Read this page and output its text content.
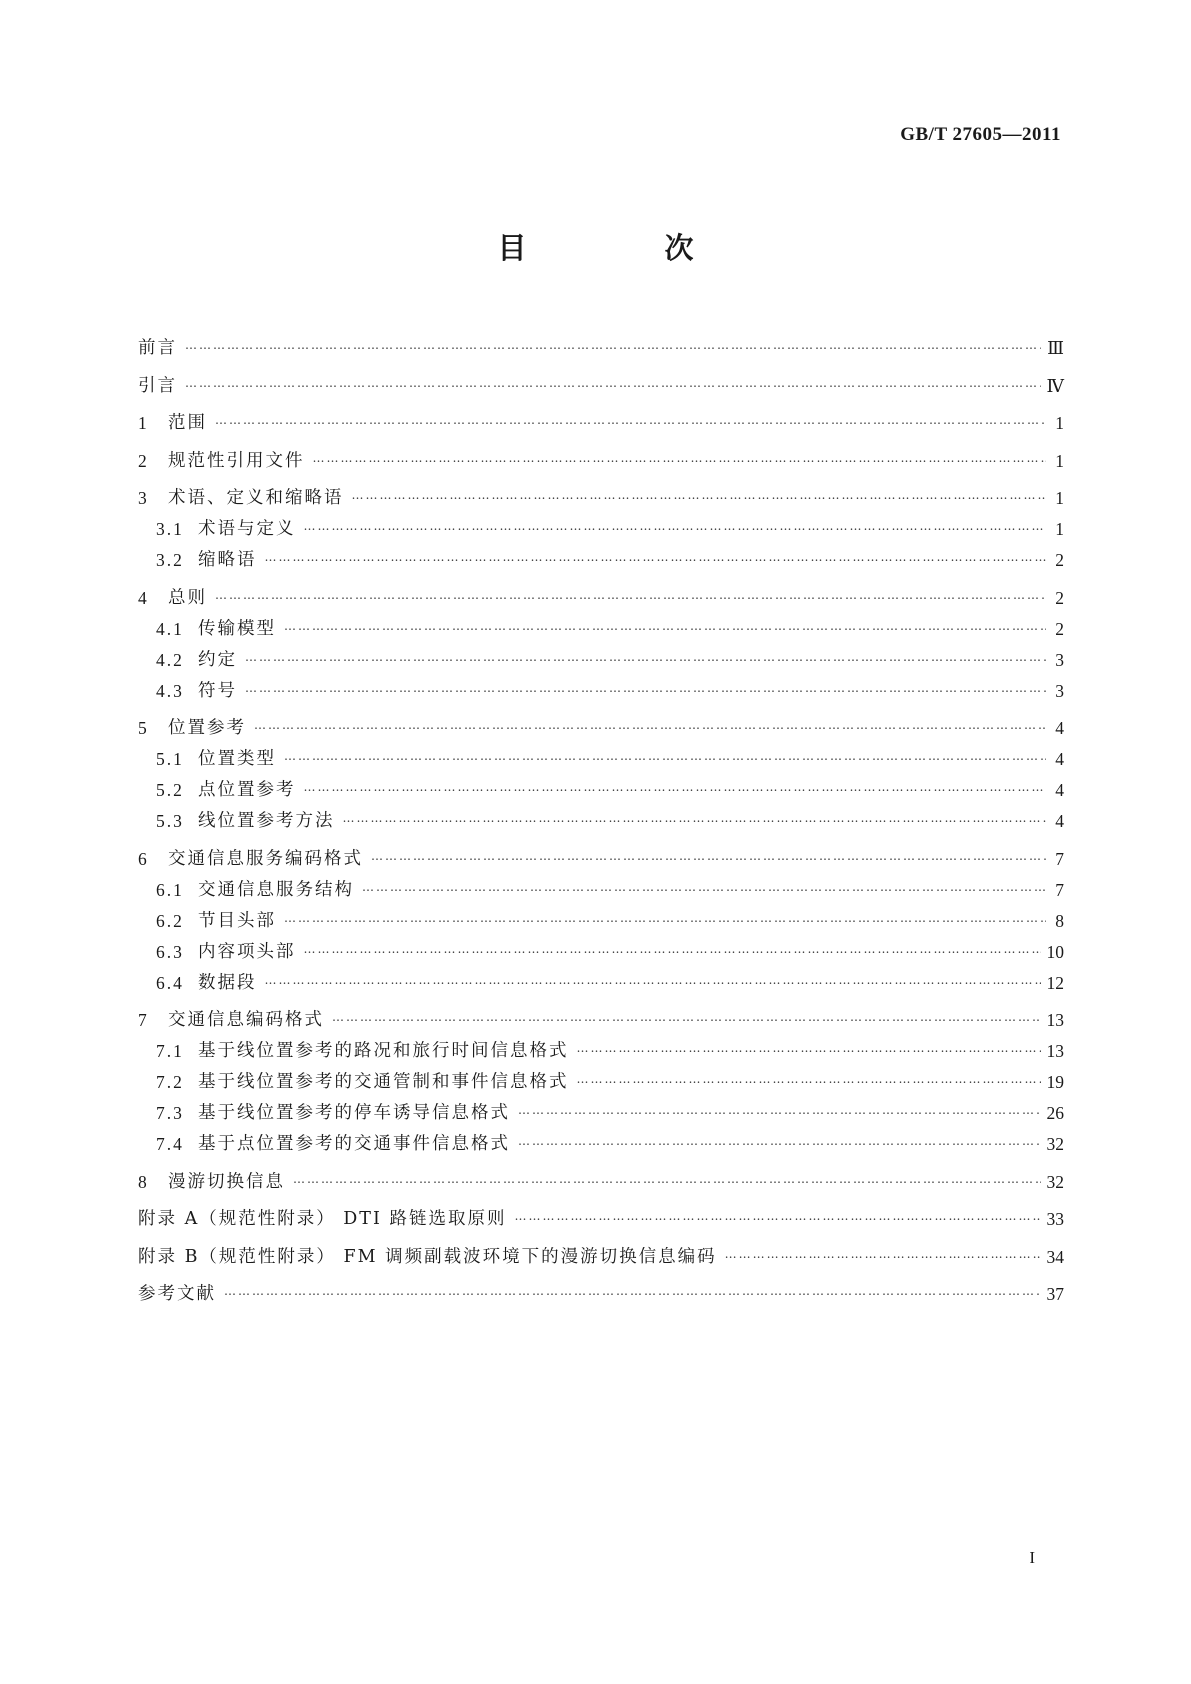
GB/T 27605—2011
目 次
前言 ………………………………………………………………………………………………………………………………………………………………………………………………	Ⅲ
引言 ………………………………………………………………………………………………………………………………………………………………………………………………	Ⅳ
1	范围 ………………………………………………………………………………………………………………………………………………………………………………………………	1
2	规范性引用文件 ………………………………………………………………………………………………………………………………………………………………………………………………	1
3	术语、定义和缩略语 ………………………………………………………………………………………………………………………………………………………………………………………………	1
3.1 术语与定义 ………………………………………………………………………………………………………………………………………………………………………………………………	1
3.2 缩略语 ………………………………………………………………………………………………………………………………………………………………………………………………	2
4	总则 ………………………………………………………………………………………………………………………………………………………………………………………………	2
4.1 传输模型 ………………………………………………………………………………………………………………………………………………………………………………………………	2
4.2 约定 ………………………………………………………………………………………………………………………………………………………………………………………………	3
4.3 符号 ………………………………………………………………………………………………………………………………………………………………………………………………	3
5	位置参考 ………………………………………………………………………………………………………………………………………………………………………………………………	4
5.1 位置类型 ………………………………………………………………………………………………………………………………………………………………………………………………	4
5.2 点位置参考 ………………………………………………………………………………………………………………………………………………………………………………………………	4
5.3 线位置参考方法 ………………………………………………………………………………………………………………………………………………………………………………………………	4
6	交通信息服务编码格式 ………………………………………………………………………………………………………………………………………………………………………………………………	7
6.1 交通信息服务结构 ………………………………………………………………………………………………………………………………………………………………………………………………	7
6.2 节目头部 ………………………………………………………………………………………………………………………………………………………………………………………………	8
6.3 内容项头部 ………………………………………………………………………………………………………………………………………………………………………………………………	10
6.4 数据段 ………………………………………………………………………………………………………………………………………………………………………………………………	12
7	交通信息编码格式 ………………………………………………………………………………………………………………………………………………………………………………………………	13
7.1 基于线位置参考的路况和旅行时间信息格式 ………………………………………………………………………………………………………………………………………………………………………………………………	13
7.2 基于线位置参考的交通管制和事件信息格式 ………………………………………………………………………………………………………………………………………………………………………………………………	19
7.3 基于线位置参考的停车诱导信息格式 ………………………………………………………………………………………………………………………………………………………………………………………………	26
7.4 基于点位置参考的交通事件信息格式 ………………………………………………………………………………………………………………………………………………………………………………………………	32
8	漫游切换信息 ………………………………………………………………………………………………………………………………………………………………………………………………	32
附录 A（规范性附录） DTI 路链选取原则 ………………………………………………………………………………………………………………………………………………………………………………………………	33
附录 B（规范性附录） FM 调频副载波环境下的漫游切换信息编码 ………………………………………………………………………………………………………………………………………………………………………………………………	34
参考文献 ………………………………………………………………………………………………………………………………………………………………………………………………	37
I
